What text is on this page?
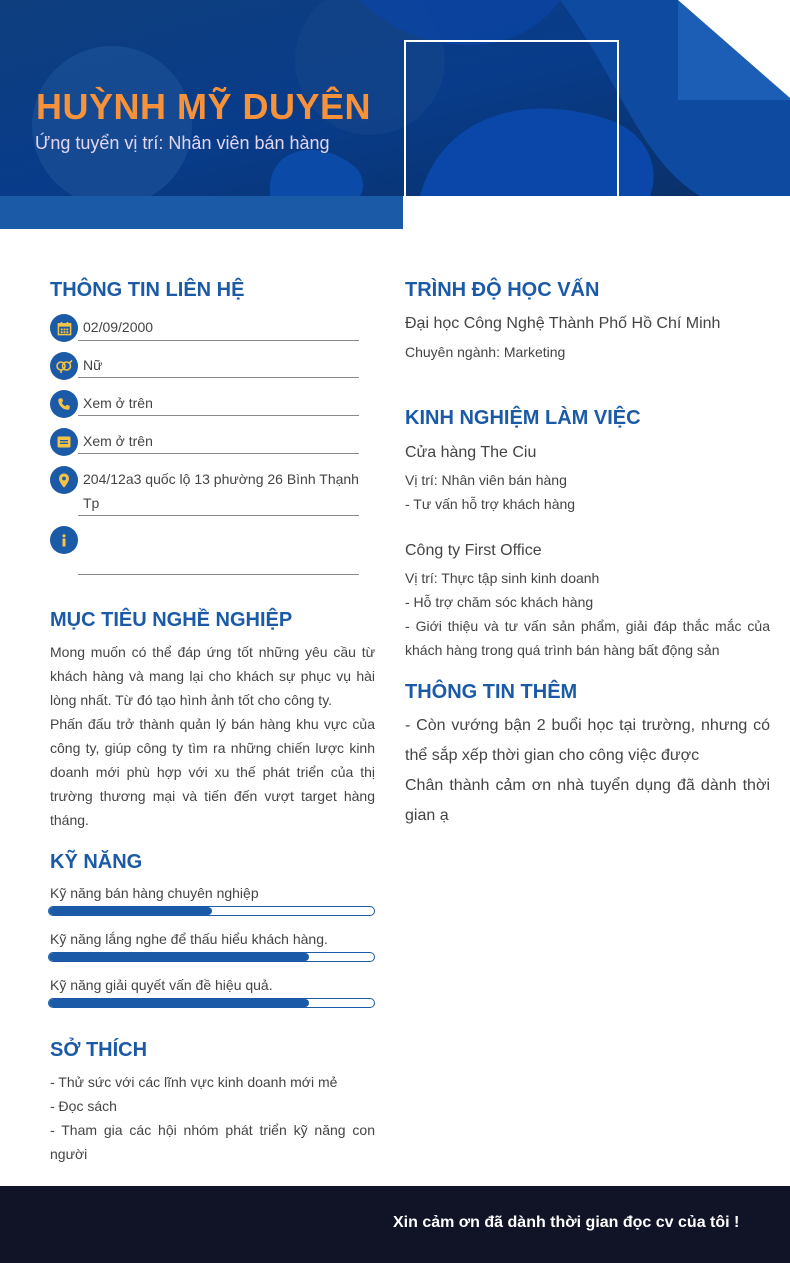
HUỲNH MỸ DUYÊN
Ứng tuyển vị trí: Nhân viên bán hàng
THÔNG TIN LIÊN HỆ
02/09/2000
Nữ
Xem ở trên
Xem ở trên
204/12a3 quốc lộ 13 phường 26 Bình Thạnh Tp
MỤC TIÊU NGHỀ NGHIỆP
Mong muốn có thể đáp ứng tốt những yêu cầu từ khách hàng và mang lại cho khách sự phục vụ hài lòng nhất. Từ đó tạo hình ảnh tốt cho công ty.
Phấn đấu trở thành quản lý bán hàng khu vực của công ty, giúp công ty tìm ra những chiến lược kinh doanh mới phù hợp với xu thế phát triển của thị trường thương mại và tiến đến vượt target hàng tháng.
KỸ NĂNG
Kỹ năng bán hàng chuyên nghiệp
Kỹ năng lắng nghe để thấu hiểu khách hàng.
Kỹ năng giải quyết vấn đề hiệu quả.
SỞ THÍCH
- Thử sức với các lĩnh vực kinh doanh mới mẻ
- Đọc sách
- Tham gia các hội nhóm phát triển kỹ năng con người
TRÌNH ĐỘ HỌC VẤN
Đại học Công Nghệ Thành Phố Hồ Chí Minh
Chuyên ngành: Marketing
KINH NGHIỆM LÀM VIỆC
Cửa hàng The Ciu
Vị trí: Nhân viên bán hàng
- Tư vấn hỗ trợ khách hàng
Công ty First Office
Vị trí: Thực tập sinh kinh doanh
- Hỗ trợ chăm sóc khách hàng
- Giới thiệu và tư vấn sản phẩm, giải đáp thắc mắc của khách hàng trong quá trình bán hàng bất động sản
THÔNG TIN THÊM
- Còn vướng bận 2 buổi học tại trường, nhưng có thể sắp xếp thời gian cho công việc được
Chân thành cảm ơn nhà tuyển dụng đã dành thời gian ạ
Xin cảm ơn đã dành thời gian đọc cv của tôi !
